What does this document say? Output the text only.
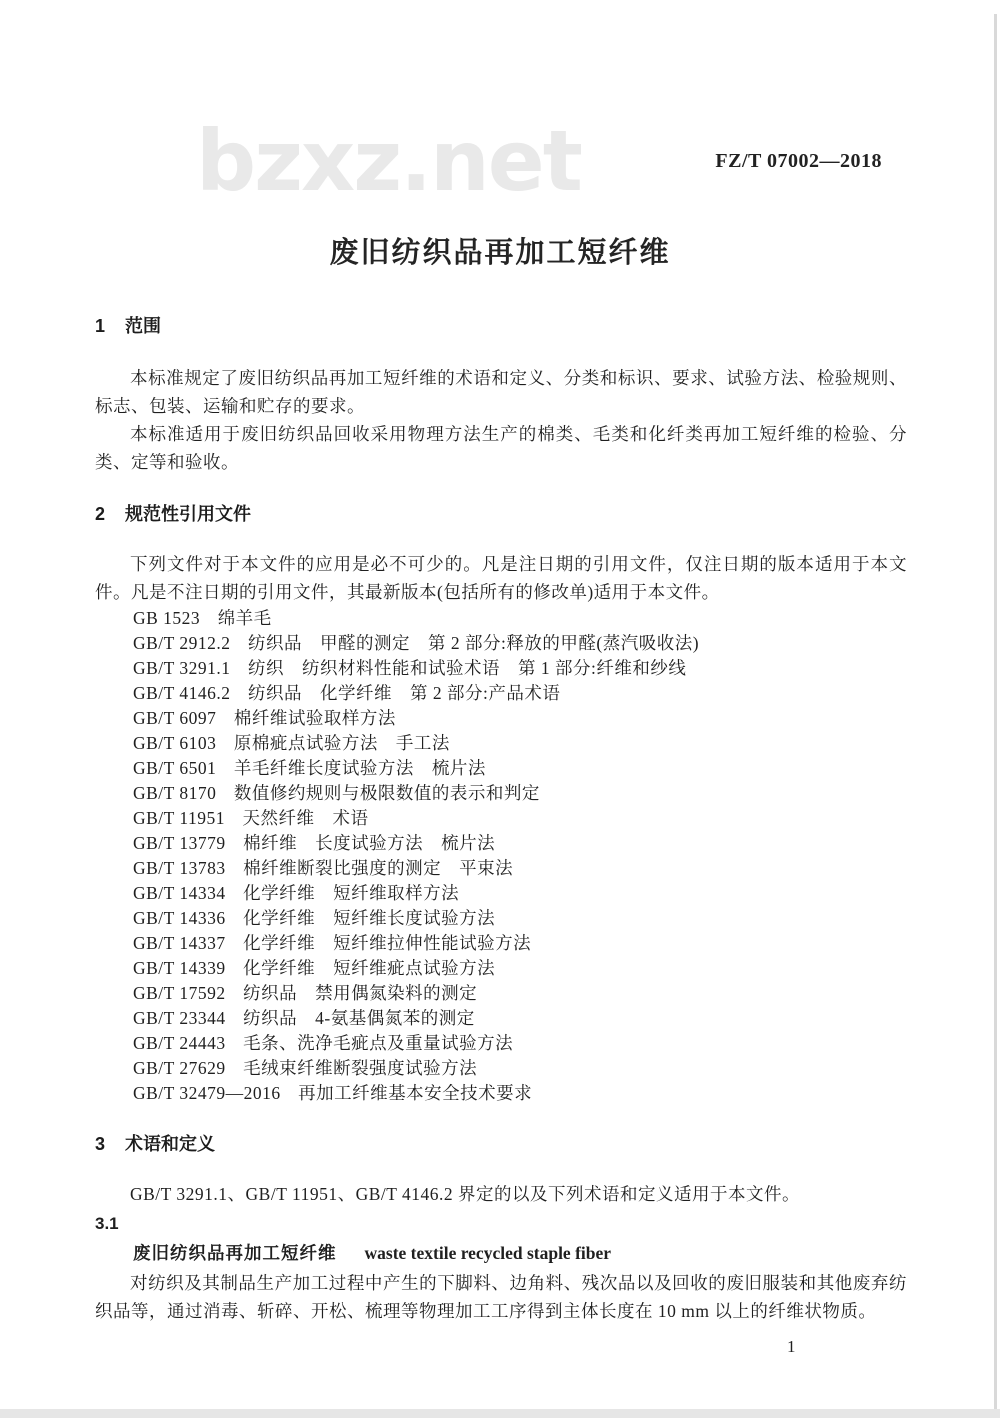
bzxz.net	FZ/T 07002—2018
废旧纺织品再加工短纤维
1 范围

本标准规定了废旧纺织品再加工短纤维的术语和定义、分类和标识、要求、试验方法、检验规则、标志、包装、运输和贮存的要求。

本标准适用于废旧纺织品回收采用物理方法生产的棉类、毛类和化纤类再加工短纤维的检验、分类、定等和验收。

2 规范性引用文件

下列文件对于本文件的应用是必不可少的。凡是注日期的引用文件，仅注日期的版本适用于本文件。凡是不注日期的引用文件，其最新版本(包括所有的修改单)适用于本文件。

GB 1523 绵羊毛
GB/T 2912.2 纺织品　甲醛的测定　第 2 部分:释放的甲醛(蒸汽吸收法)
GB/T 3291.1 纺织　纺织材料性能和试验术语　第 1 部分:纤维和纱线
GB/T 4146.2 纺织品　化学纤维　第 2 部分:产品术语
GB/T 6097 棉纤维试验取样方法
GB/T 6103 原棉疵点试验方法　手工法
GB/T 6501 羊毛纤维长度试验方法　梳片法
GB/T 8170 数值修约规则与极限数值的表示和判定
GB/T 11951 天然纤维　术语
GB/T 13779 棉纤维　长度试验方法　梳片法
GB/T 13783 棉纤维断裂比强度的测定　平束法
GB/T 14334 化学纤维　短纤维取样方法
GB/T 14336 化学纤维　短纤维长度试验方法
GB/T 14337 化学纤维　短纤维拉伸性能试验方法
GB/T 14339 化学纤维　短纤维疵点试验方法
GB/T 17592 纺织品　禁用偶氮染料的测定
GB/T 23344 纺织品　4-氨基偶氮苯的测定
GB/T 24443 毛条、洗净毛疵点及重量试验方法
GB/T 27629 毛绒束纤维断裂强度试验方法
GB/T 32479—2016 再加工纤维基本安全技术要求
3 术语和定义

GB/T 3291.1、GB/T 11951、GB/T 4146.2 界定的以及下列术语和定义适用于本文件。

3.1
废旧纺织品再加工短纤维 waste textile recycled staple fiber

对纺织及其制品生产加工过程中产生的下脚料、边角料、残次品以及回收的废旧服装和其他废弃纺织品等，通过消毒、斩碎、开松、梳理等物理加工工序得到主体长度在 10 mm 以上的纤维状物质。

1
